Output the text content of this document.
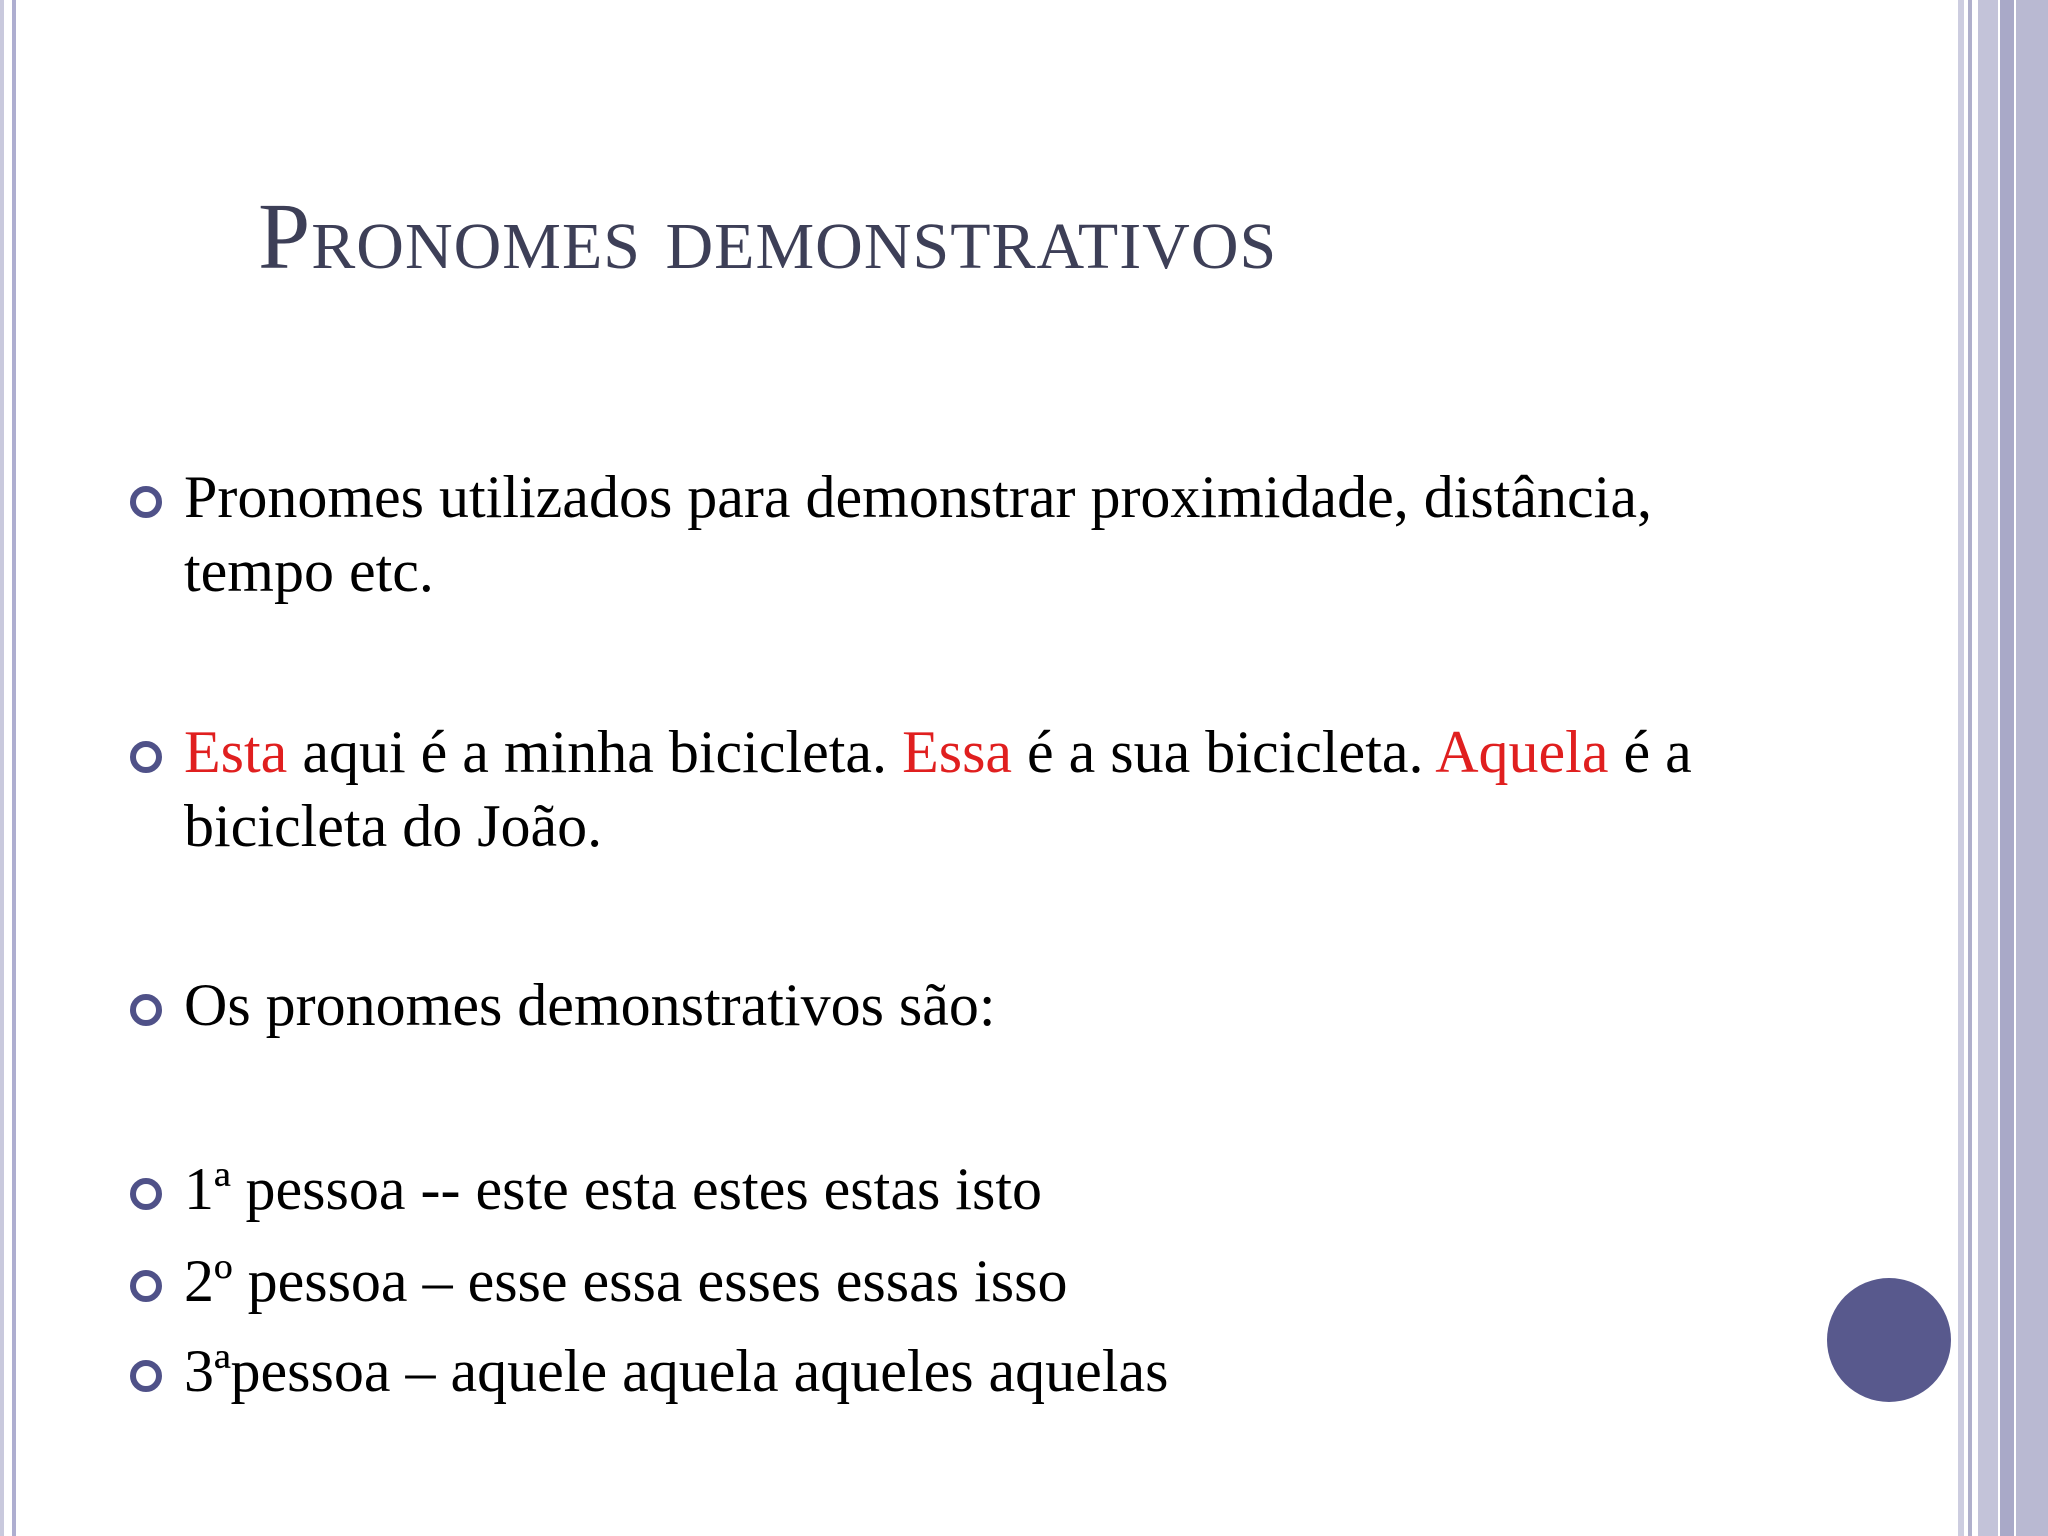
Pronomes demonstrativos
Pronomes utilizados para demonstrar proximidade, distância, tempo etc.
Esta aqui é a minha bicicleta. Essa é a sua bicicleta. Aquela é a bicicleta do João.
Os pronomes demonstrativos são:
1ª pessoa -- este esta estes estas isto
2º pessoa – esse essa esses essas isso
3ªpessoa – aquele aquela aqueles aquelas
